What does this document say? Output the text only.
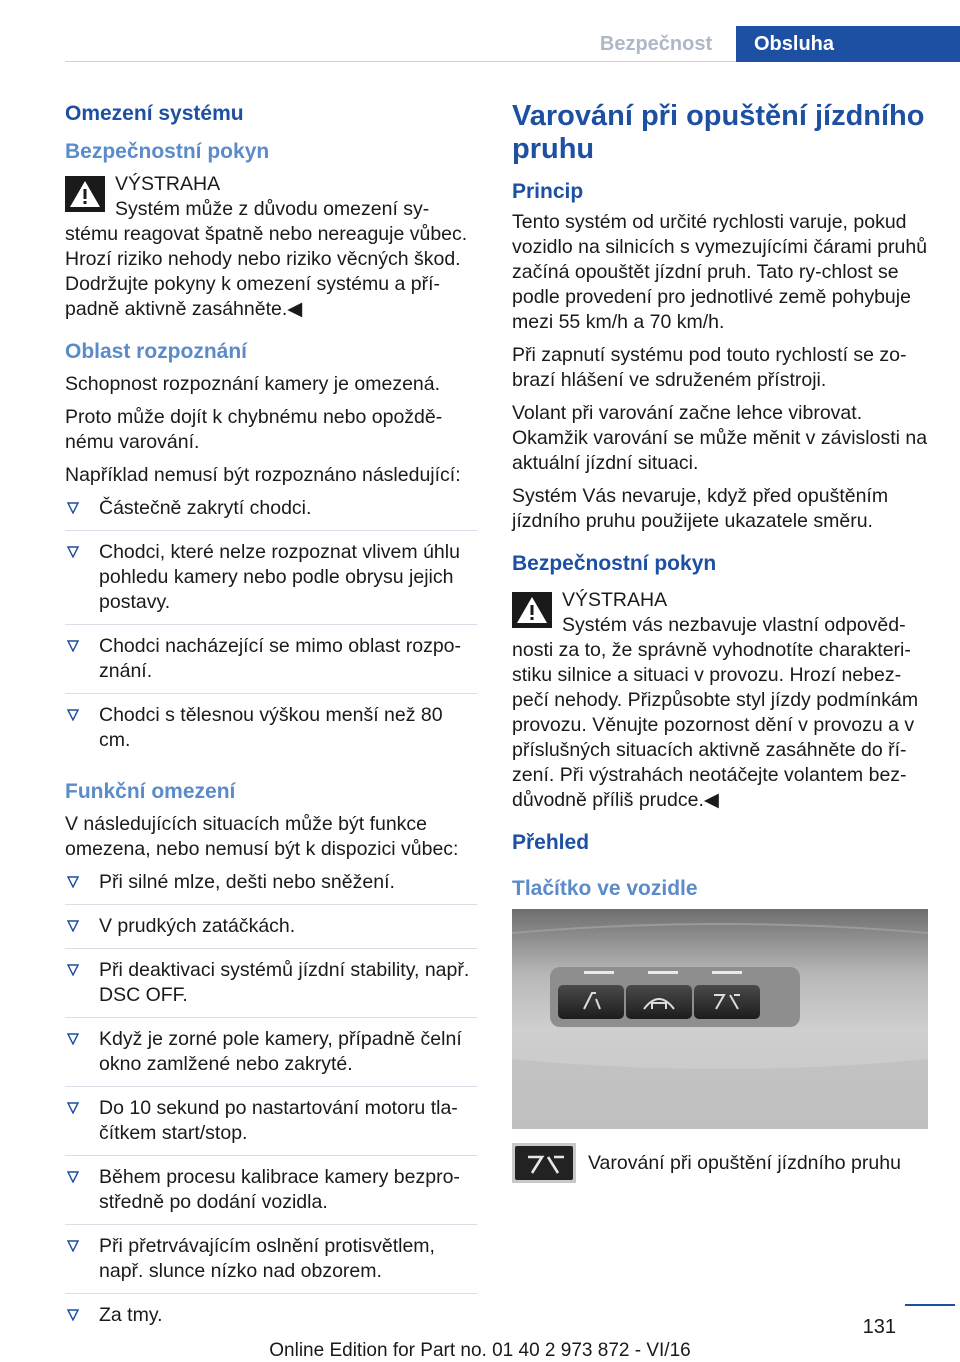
Bezpečnost	Obsluha
Omezení systému
Bezpečnostní pokyn
VÝSTRAHA
Systém může z důvodu omezení sy‐stému reagovat špatně nebo nereaguje vůbec. Hrozí riziko nehody nebo riziko věcných škod. Dodržujte pokyny k omezení systému a pří‐padně aktivně zasáhněte.◀
Oblast rozpoznání

Schopnost rozpoznání kamery je omezená.

Proto může dojít k chybnému nebo opoždě‐nému varování.

Například nemusí být rozpoznáno následující:

Částečně zakrytí chodci.
Chodci, které nelze rozpoznat vlivem úhlu pohledu kamery nebo podle obrysu jejich postavy.
Chodci nacházející se mimo oblast rozpo‐znání.
Chodci s tělesnou výškou menší než 80 cm.
Funkční omezení

V následujících situacích může být funkce omezena, nebo nemusí být k dispozici vůbec:

Při silné mlze, dešti nebo sněžení.
V prudkých zatáčkách.
Při deaktivaci systémů jízdní stability, např. DSC OFF.
Když je zorné pole kamery, případně čelní okno zamlžené nebo zakryté.
Do 10 sekund po nastartování motoru tla‐čítkem start/stop.
Během procesu kalibrace kamery bezpro‐středně po dodání vozidla.
Při přetrvávajícím oslnění protisvětlem, např. slunce nízko nad obzorem.
Za tmy.
Varování při opuštění jízdního pruhu
Princip

Tento systém od určité rychlosti varuje, pokud vozidlo na silnicích s vymezujícími čárami pruhů začíná opouštět jízdní pruh. Tato ry‐chlost se podle provedení pro jednotlivé země pohybuje mezi 55 km/h a 70 km/h.

Při zapnutí systému pod touto rychlostí se zo‐brazí hlášení ve sdruženém přístroji.

Volant při varování začne lehce vibrovat. Okamžik varování se může měnit v závislosti na aktuální jízdní situaci.

Systém Vás nevaruje, když před opuštěním jízdního pruhu použijete ukazatele směru.

Bezpečnostní pokyn
VÝSTRAHA
Systém vás nezbavuje vlastní odpověd‐nosti za to, že správně vyhodnotíte charakteri‐stiku silnice a situaci v provozu. Hrozí nebez‐pečí nehody. Přizpůsobte styl jízdy podmínkám provozu. Věnujte pozornost dění v provozu a v příslušných situacích aktivně zasáhněte do ří‐zení. Při výstrahách neotáčejte volantem bez‐důvodně příliš prudce.◀
Přehled
Tlačítko ve vozidle
Varování při opuštění jízdního pruhu
131
Online Edition for Part no. 01 40 2 973 872 - VI/16
